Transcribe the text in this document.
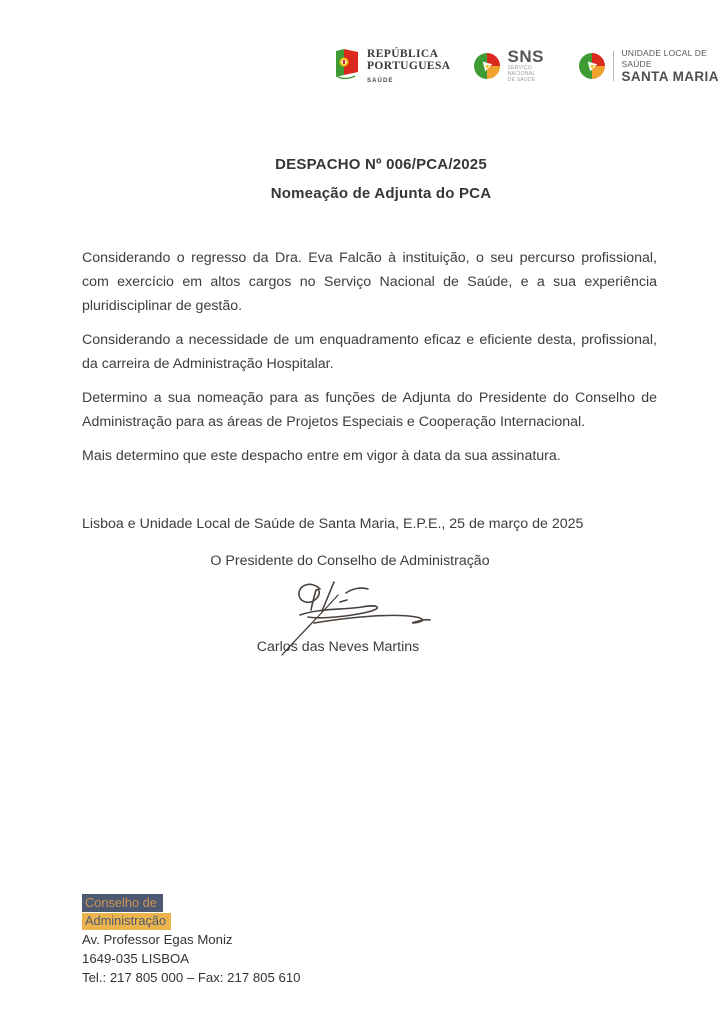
REPÚBLICA
PORTUGUESA
SAÚDE
SNS
SERVIÇO NACIONAL
DE SAÚDE
UNIDADE LOCAL DE SAÚDE
SANTA MARIA
DESPACHO Nº 006/PCA/2025
Nomeação de Adjunta do PCA

Considerando o regresso da Dra. Eva Falcão à instituição, o seu percurso profissional, com exercício em altos cargos no Serviço Nacional de Saúde, e a sua experiência pluridisciplinar de gestão.

Considerando a necessidade de um enquadramento eficaz e eficiente desta, profissional, da carreira de Administração Hospitalar.

Determino a sua nomeação para as funções de Adjunta do Presidente do Conselho de Administração para as áreas de Projetos Especiais e Cooperação Internacional.

Mais determino que este despacho entre em vigor à data da sua assinatura.

Lisboa e Unidade Local de Saúde de Santa Maria, E.P.E., 25 de março de 2025

O Presidente do Conselho de Administração
Carlos das Neves Martins
Conselho de
Administração
Av. Professor Egas Moniz
1649-035 LISBOA
Tel.: 217 805 000 – Fax: 217 805 610
